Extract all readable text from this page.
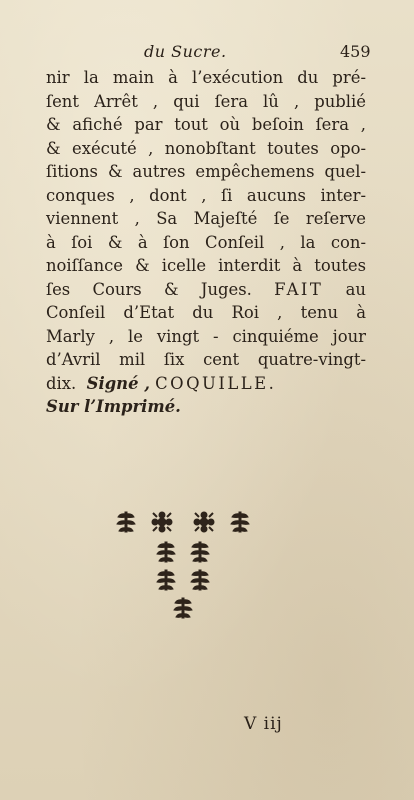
du Sucre.	459
nir la main à l’exécution du pré-
ſent Arrêt , qui ſera lû , publié
& afiché par tout où beſoin ſera ,
& exécuté , nonobſtant toutes opo-
ſitions & autres empêchemens quel-
conques , dont , ſi aucuns inter-
viennent , Sa Majeſté ſe reſerve
à ſoi & à ſon Conſeil , la con-
noiſſance & icelle interdit à toutes
ſes Cours & Juges. FAIT au
Conſeil d’Etat du Roi , tenu à
Marly , le vingt - cinquiéme jour
d’Avril mil ſix cent quatre-vingt-
dix. Signé , COQUILLE.
Sur l’Imprimé.
V iij
